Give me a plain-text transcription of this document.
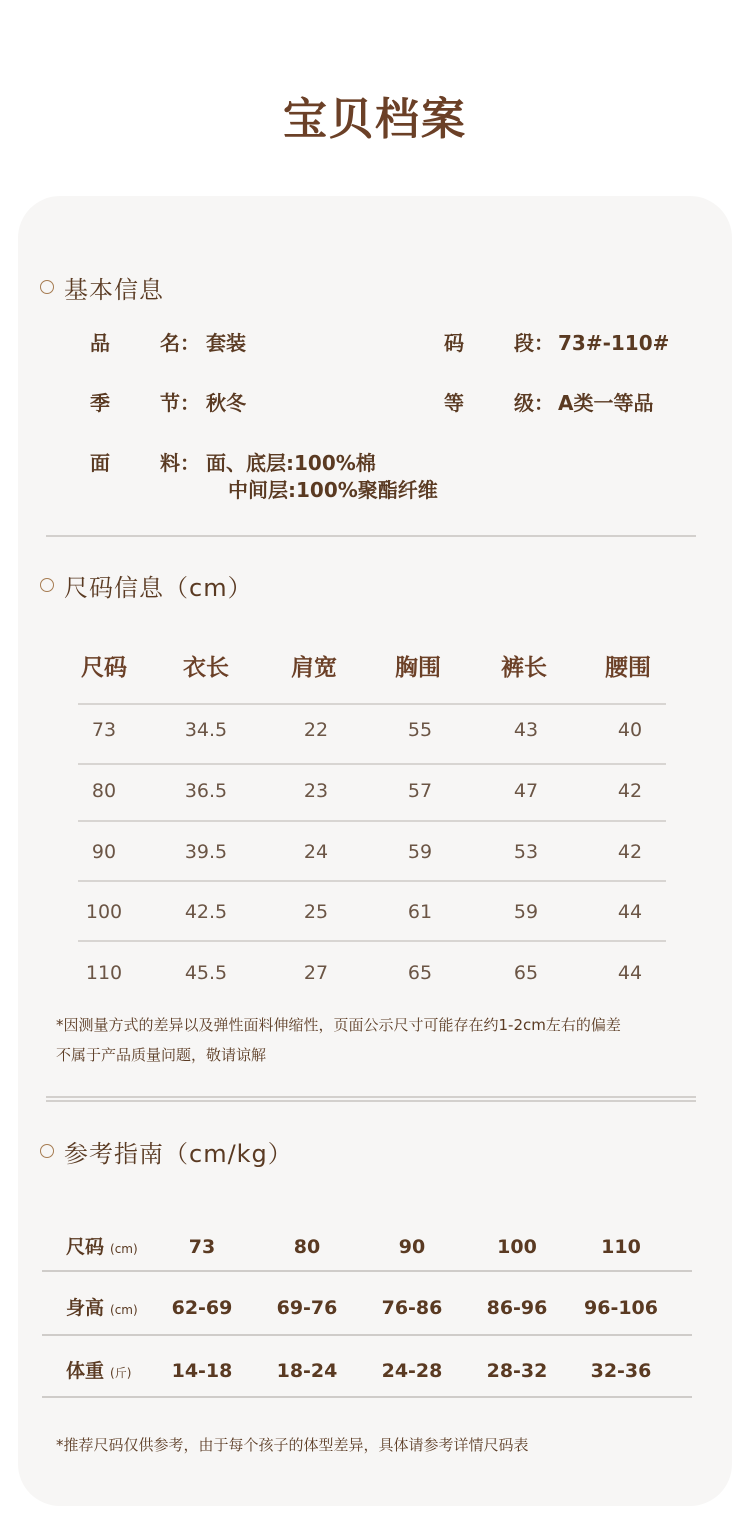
宝贝档案
基本信息
品	名： 套装	码	段： 73#-110#
季	节： 秋冬	等	级： A类一等品
面	料： 面、底层:100%棉
中间层:100%聚酯纤维
尺码信息（cm）
尺码	衣长	肩宽	胸围	裤长	腰围
73	34.5	22	55	43	40
80	36.5	23	57	47	42
90	39.5	24	59	53	42
100	42.5	25	61	59	44
110	45.5	27	65	65	44
*因测量方式的差异以及弹性面料伸缩性，页面公示尺寸可能存在约1-2cm左右的偏差
不属于产品质量问题，敬请谅解
参考指南（cm/kg）
尺码 (cm)	73	80	90	100	110
身高 (cm)	62-69	69-76	76-86	86-96	96-106
体重 (斤)	14-18	18-24	24-28	28-32	32-36
*推荐尺码仅供参考，由于每个孩子的体型差异，具体请参考详情尺码表
